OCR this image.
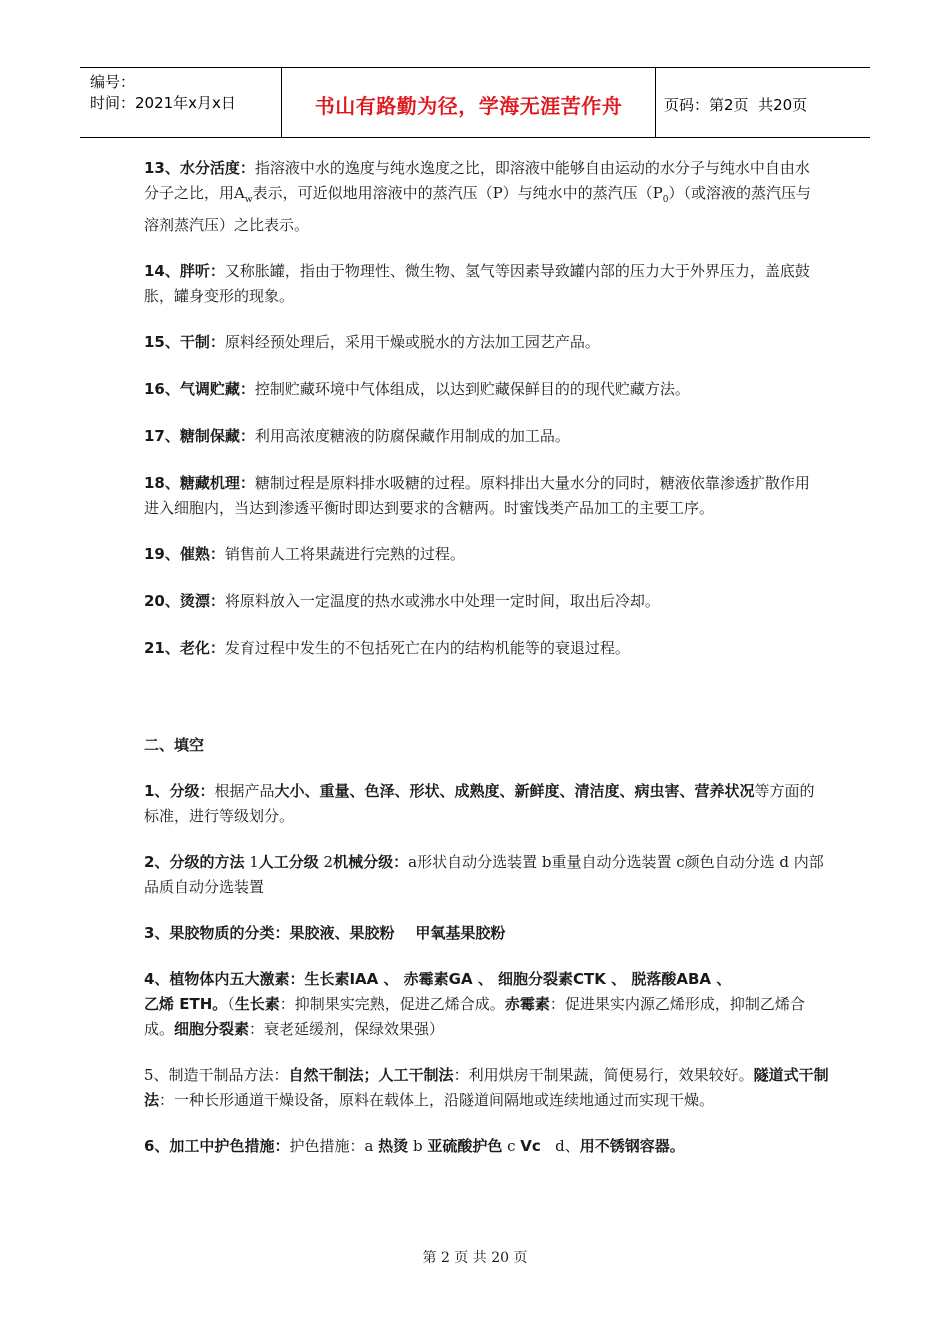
编号：
时间：2021年x月x日	书山有路勤为径，学海无涯苦作舟	页码：第2页  共20页

13、水分活度：指溶液中水的逸度与纯水逸度之比，即溶液中能够自由运动的水分子与纯水中自由水分子之比，用$A_w$表示，可近似地用溶液中的蒸汽压（P）与纯水中的蒸汽压$(P_0)$（或溶液的蒸汽压与溶剂蒸汽压）之比表示。

14、胖听：又称胀罐，指由于物理性、微生物、氢气等因素导致罐内部的压力大于外界压力，盖底鼓胀，罐身变形的现象。

15、干制：原料经预处理后，采用干燥或脱水的方法加工园艺产品。

16、气调贮藏：控制贮藏环境中气体组成，以达到贮藏保鲜目的的现代贮藏方法。

17、糖制保藏：利用高浓度糖液的防腐保藏作用制成的加工品。

18、糖藏机理：糖制过程是原料排水吸糖的过程。原料排出大量水分的同时，糖液依靠渗透扩散作用进入细胞内，当达到渗透平衡时即达到要求的含糖两。时蜜饯类产品加工的主要工序。

19、催熟：销售前人工将果蔬进行完熟的过程。

20、烫漂：将原料放入一定温度的热水或沸水中处理一定时间，取出后冷却。

21、老化：发育过程中发生的不包括死亡在内的结构机能等的衰退过程。

二、填空

1、分级：根据产品大小、重量、色泽、形状、成熟度、新鲜度、清洁度、病虫害、营养状况等方面的标准，进行等级划分。

2、分级的方法 1人工分级 2机械分级：a形状自动分选装置 b重量自动分选装置 c颜色自动分选 d 内部品质自动分选装置

3、果胶物质的分类：果胶液、果胶粉    甲氧基果胶粉

4、植物体内五大激素：生长素IAA 、 赤霉素GA 、 细胞分裂素CTK 、 脱落酸ABA 、
乙烯 ETH。（生长素：抑制果实完熟，促进乙烯合成。赤霉素：促进果实内源乙烯形成，抑制乙烯合成。细胞分裂素：衰老延缓剂，保绿效果强）

5、制造干制品方法：自然干制法；人工干制法：利用烘房干制果蔬，简便易行，效果较好。隧道式干制法：一种长形通道干燥设备，原料在载体上，沿隧道间隔地或连续地通过而实现干燥。

6、加工中护色措施：护色措施：a 热烫 b 亚硫酸护色 c Vc   d、用不锈钢容器。

第 2 页 共 20 页
